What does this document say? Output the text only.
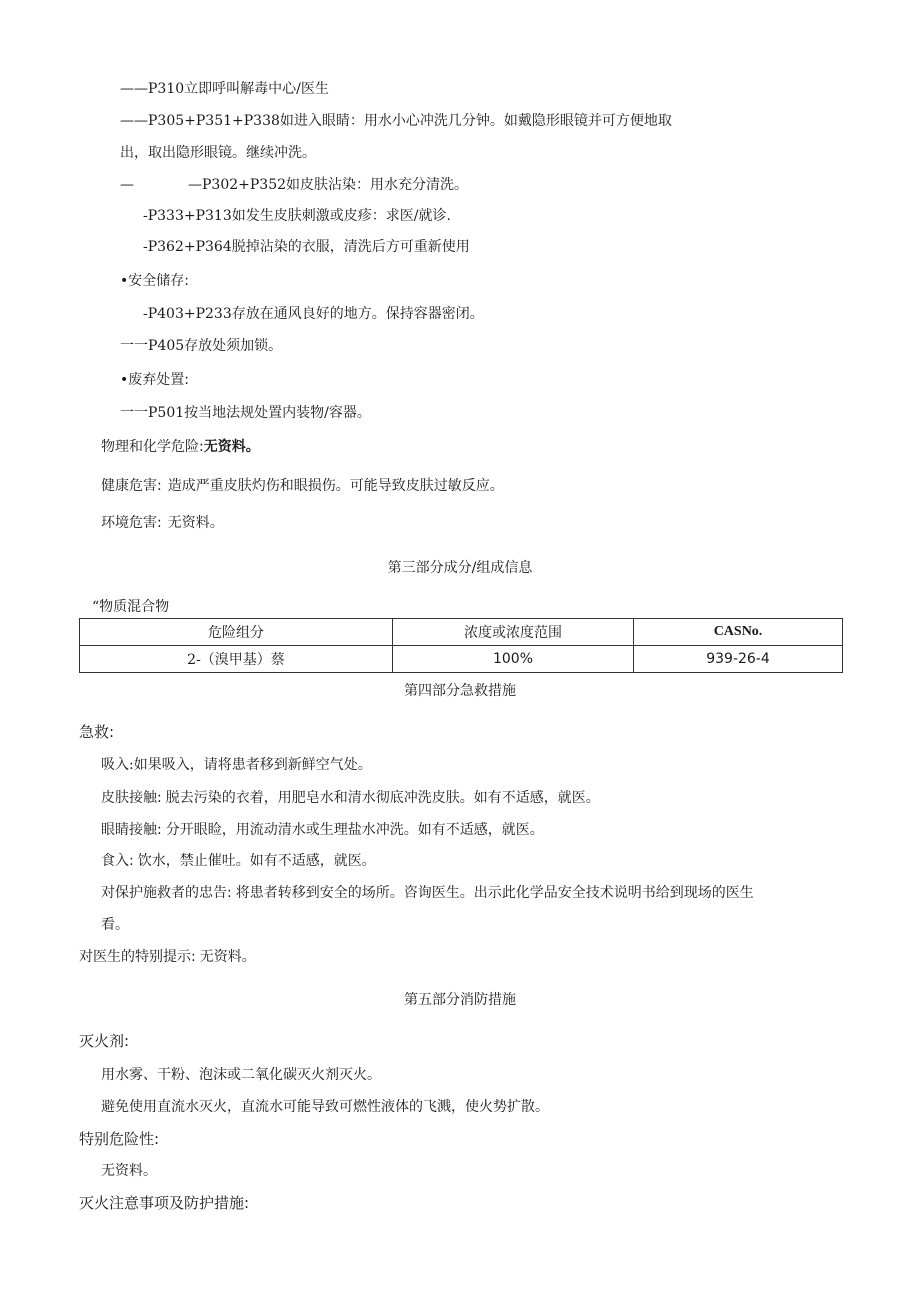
——P310立即呼叫解毒中心/医生
——P305+P351+P338如进入眼睛：用水小心冲洗几分钟。如戴隐形眼镜并可方便地取
出，取出隐形眼镜。继续冲洗。
—	—P302+P352如皮肤沾染：用水充分清洗。
-P333+P313如发生皮肤刺激或皮疹：求医/就诊.
-P362+P364脱掉沾染的衣服，清洗后方可重新使用
•安全储存:
-P403+P233存放在通风良好的地方。保持容器密闭。
一一P405存放处须加锁。
•废弃处置:
一一P501按当地法规处置内装物/容器。
物理和化学危险:无资料。
健康危害: 造成严重皮肤灼伤和眼损伤。可能导致皮肤过敏反应。
环境危害: 无资料。
第三部分成分/组成信息
“物质混合物
危险组分	浓度或浓度范围	CASNo.
2-（溴甲基）蔡	100%	939-26-4
第四部分急救措施
急救:
吸入:如果吸入，请将患者移到新鲜空气处。
皮肤接触: 脱去污染的衣着，用肥皂水和清水彻底冲洗皮肤。如有不适感，就医。
眼睛接触: 分开眼睑，用流动清水或生理盐水冲洗。如有不适感，就医。
食入: 饮水，禁止催吐。如有不适感，就医。
对保护施救者的忠告: 将患者转移到安全的场所。咨询医生。出示此化学品安全技术说明书给到现场的医生
看。
对医生的特别提示: 无资料。
第五部分消防措施
灭火剂:
用水雾、干粉、泡沫或二氧化碳灭火剂灭火。
避免使用直流水灭火，直流水可能导致可燃性液体的飞溅，使火势扩散。
特别危险性:
无资料。
灭火注意事项及防护措施:
